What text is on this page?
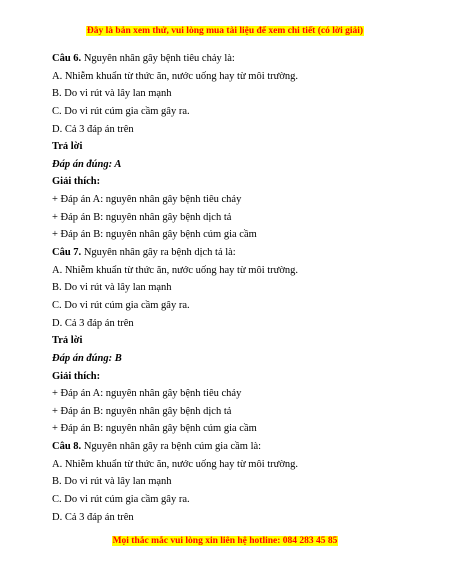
Đây là bản xem thử, vui lòng mua tài liệu để xem chi tiết (có lời giải)
Câu 6. Nguyên nhân gây bệnh tiêu chảy là:
A. Nhiễm khuẩn từ thức ăn, nước uống hay từ môi trường.
B. Do vi rút và lây lan mạnh
C. Do vi rút cúm gia cầm gây ra.
D. Cả 3 đáp án trên
Trả lời
Đáp án đúng: A
Giải thích:
+ Đáp án A: nguyên nhân gây bệnh tiêu chảy
+ Đáp án B: nguyên nhân gây bệnh dịch tả
+ Đáp án B: nguyên nhân gây bệnh cúm gia cầm
Câu 7. Nguyên nhân gây ra bệnh dịch tả là:
A. Nhiễm khuẩn từ thức ăn, nước uống hay từ môi trường.
B. Do vi rút và lây lan mạnh
C. Do vi rút cúm gia cầm gây ra.
D. Cả 3 đáp án trên
Trả lời
Đáp án đúng: B
Giải thích:
+ Đáp án A: nguyên nhân gây bệnh tiêu chảy
+ Đáp án B: nguyên nhân gây bệnh dịch tả
+ Đáp án B: nguyên nhân gây bệnh cúm gia cầm
Câu 8. Nguyên nhân gây ra bệnh cúm gia cầm là:
A. Nhiễm khuẩn từ thức ăn, nước uống hay từ môi trường.
B. Do vi rút và lây lan mạnh
C. Do vi rút cúm gia cầm gây ra.
D. Cả 3 đáp án trên
Mọi thắc mắc vui lòng xin liên hệ hotline: 084 283 45 85
